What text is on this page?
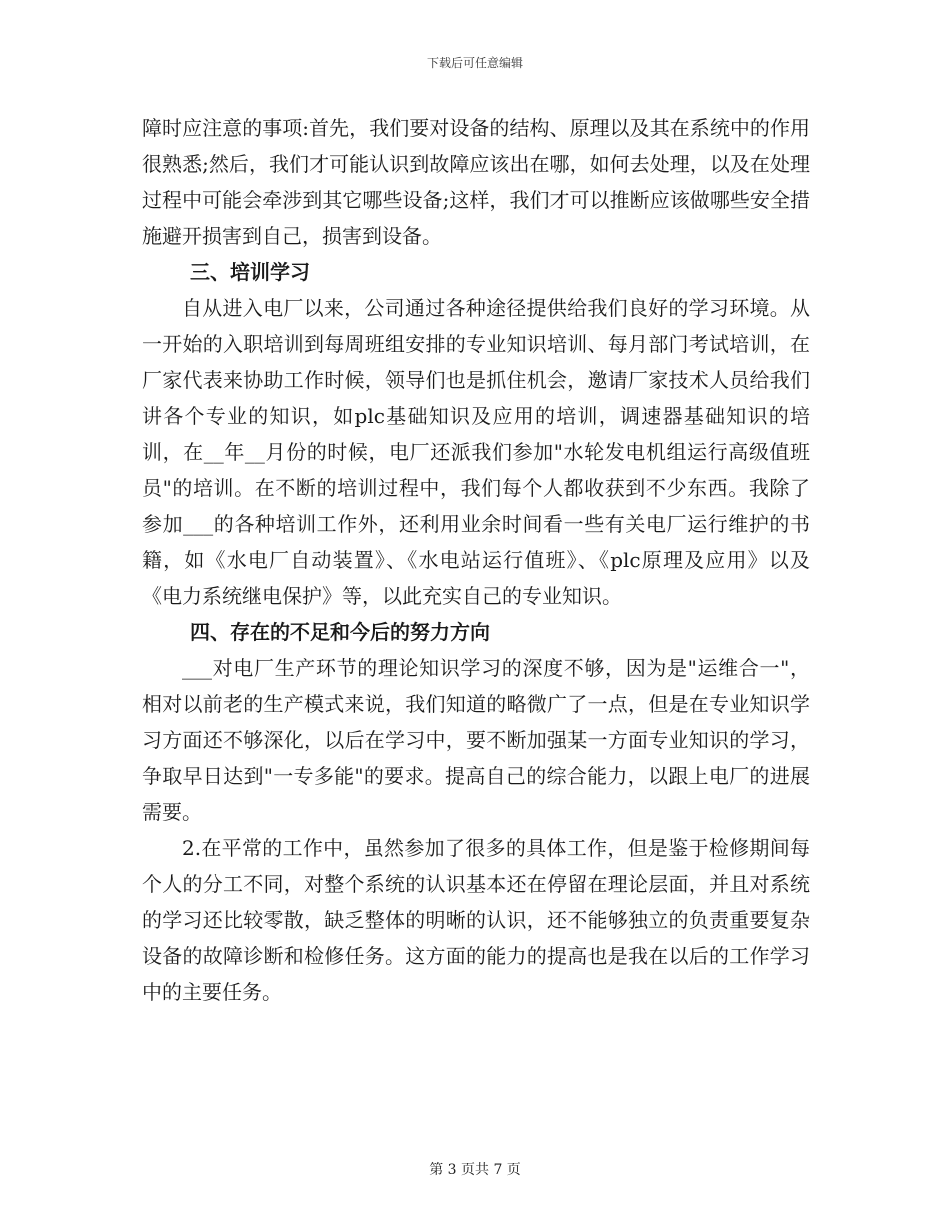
下载后可任意编辑

障时应注意的事项:首先，我们要对设备的结构、原理以及其在系统中的作用很熟悉;然后，我们才可能认识到故障应该出在哪，如何去处理，以及在处理过程中可能会牵涉到其它哪些设备;这样，我们才可以推断应该做哪些安全措施避开损害到自己，损害到设备。

三、培训学习

自从进入电厂以来，公司通过各种途径提供给我们良好的学习环境。从一开始的入职培训到每周班组安排的专业知识培训、每月部门考试培训，在厂家代表来协助工作时候，领导们也是抓住机会，邀请厂家技术人员给我们讲各个专业的知识，如plc基础知识及应用的培训，调速器基础知识的培训，在__年__月份的时候，电厂还派我们参加"水轮发电机组运行高级值班员"的培训。在不断的培训过程中，我们每个人都收获到不少东西。我除了参加___的各种培训工作外，还利用业余时间看一些有关电厂运行维护的书籍，如《水电厂自动装置》、《水电站运行值班》、《plc原理及应用》以及《电力系统继电保护》等，以此充实自己的专业知识。

四、存在的不足和今后的努力方向

___对电厂生产环节的理论知识学习的深度不够，因为是"运维合一"，相对以前老的生产模式来说，我们知道的略微广了一点，但是在专业知识学习方面还不够深化，以后在学习中，要不断加强某一方面专业知识的学习，争取早日达到"一专多能"的要求。提高自己的综合能力，以跟上电厂的进展需要。

2.在平常的工作中，虽然参加了很多的具体工作，但是鉴于检修期间每个人的分工不同，对整个系统的认识基本还在停留在理论层面，并且对系统的学习还比较零散，缺乏整体的明晰的认识，还不能够独立的负责重要复杂设备的故障诊断和检修任务。这方面的能力的提高也是我在以后的工作学习中的主要任务。

第 3 页共 7 页
